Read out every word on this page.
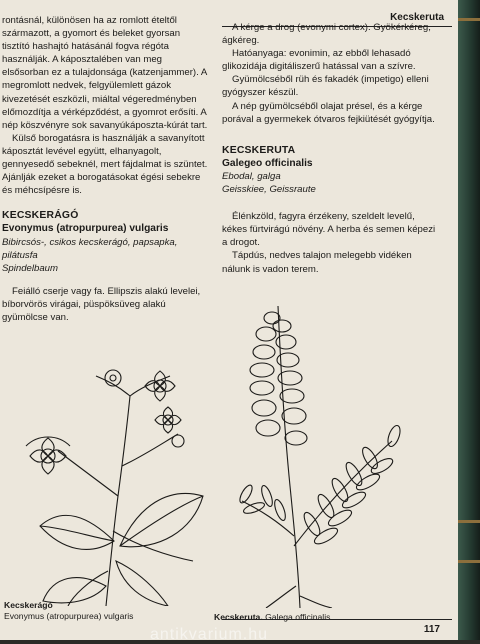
Kecskeruta

rontásnál, különösen ha az romlott ételtől származott, a gyomort és beleket gyorsan tisztító hashajtó hatásánál fogva régóta használják. A káposztalében van meg elsősorban ez a tulajdonsága (katzenjammer). A megromlott nedvek, felgyülemlett gázok kivezetését eszközli, miáltal végeredményben előmozdítja a vérképződést, a gyomrot erősíti. A nép köszvényre sok savanyúkáposzta-kúrát tart.

Külső borogatásra is használják a savanyított káposztát levével együtt, elhanyagolt, gennyesedő sebeknél, mert fájdalmat is szüntet. Ajánlják ezeket a borogatásokat égési sebekre és méhcsípésre is.

KECSKERÁGÓ

Evonymus (atropurpurea) vulgaris

Bibircsós-, csikos kecskerágó, papsapka,

pilátusfa

Spindelbaum

Feiálló cserje vagy fa. Ellipszis alakú levelei, bíborvörös virágai, püspöksüveg alakú gyümölcse van.

Kecskerágó
Evonymus (atropurpurea) vulgaris

A kérge a drog (evonymi cortex). Gyökérkéreg, ágkéreg.

Hatóanyaga: evonimin, az ebből lehasadó glikozidája digitáliszerű hatással van a szívre.

Gyümölcséből rüh és fakadék (impetigo) elleni gyógyszer készül.

A nép gyümölcséből olajat présel, és a kérge porával a gyermekek ótvaros fejkiütését gyógyítja.

KECSKERUTA

Galegeo officinalis

Ebodal, galga

Geisskiee, Geissraute

Élénkzöld, fagyra érzékeny, szeldelt levelű, kékes fürtvirágú növény. A herba és semen képezi a drogot.

Tápdús, nedves talajon melegebb vidéken nálunk is vadon terem.

Kecskeruta. Galega officinalis
117
antikvarium.hu
